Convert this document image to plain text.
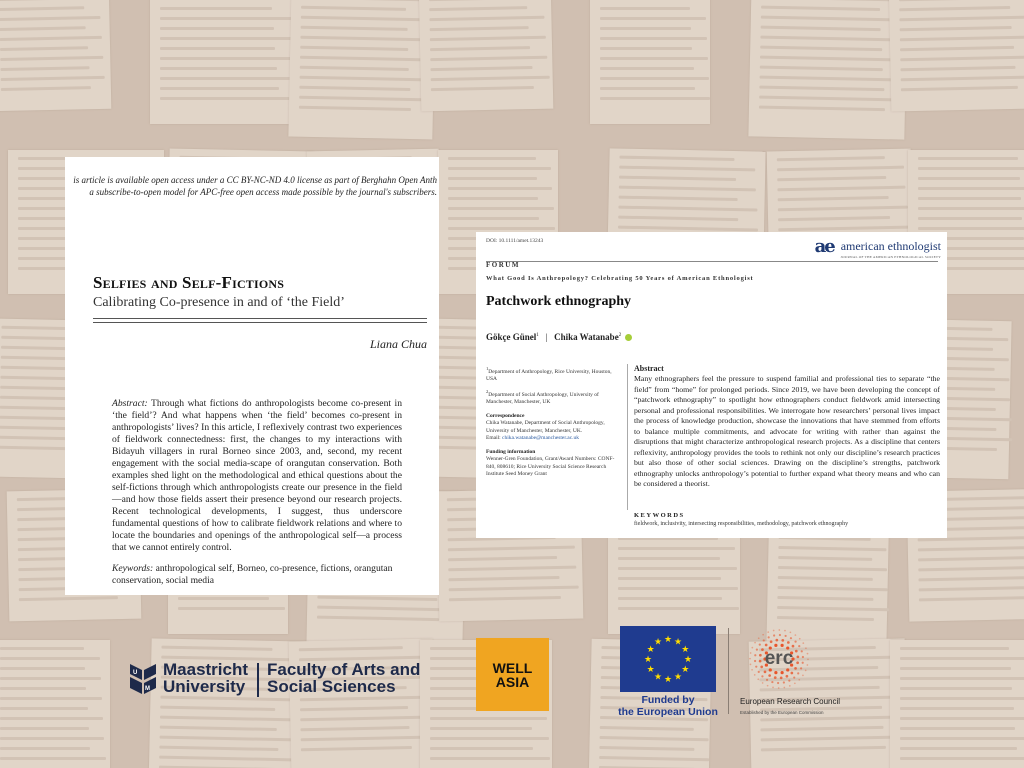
is article is available open access under a CC BY-NC-ND 4.0 license as part of Berghahn Open Anth
a subscribe-to-open model for APC-free open access made possible by the journal's subscribers.
Selfies and Self-Fictions
Calibrating Co-presence in and of ‘the Field’
Liana Chua
Abstract: Through what fictions do anthropologists become co-present in ‘the field’? And what happens when ‘the field’ becomes co-present in anthropologists’ lives? In this article, I reflexively contrast two experiences of fieldwork connectedness: first, the changes to my interactions with Bidayuh villagers in rural Borneo since 2003, and, second, my recent engagement with the social media-scape of orangutan conservation. Both examples shed light on the methodological and ethical questions about the self-fictions through which anthropologists create our presence in the field—and how those fields assert their presence beyond our research projects. Recent technological developments, I suggest, thus underscore fundamental questions of how to calibrate fieldwork relations and where to locate the boundaries and openings of the anthropological self—a process that we cannot entirely control.
Keywords: anthropological self, Borneo, co-presence, fictions, orangutan conservation, social media
DOI: 10.1111/amet.13243	ae american ethnologist
JOURNAL OF THE AMERICAN ETHNOLOGICAL SOCIETY
FORUM
What Good Is Anthropology? Celebrating 50 Years of American Ethnologist
Patchwork ethnography
Gökçe Günel$^1$ | Chika Watanabe$^2$
$^1$Department of Anthropology, Rice University, Houston, USA
$^2$Department of Social Anthropology, University of Manchester, Manchester, UK
Correspondence
Chika Watanabe, Department of Social Anthropology, University of Manchester, Manchester, UK.
Email: chika.watanabe@manchester.ac.uk
Funding information
Wenner-Gren Foundation, Grant/Award Numbers: CONF-840, 808610; Rice University Social Science Research Institute Seed Money Grant
Abstract
Many ethnographers feel the pressure to suspend familial and professional ties to separate “the field” from “home” for prolonged periods. Since 2019, we have been developing the concept of “patchwork ethnography” to spotlight how ethnographers conduct fieldwork amid intersecting personal and professional responsibilities. We interrogate how researchers’ personal lives impact the process of knowledge production, showcase the innovations that have stemmed from efforts to balance multiple commitments, and advocate for writing with rather than against the disruptions that might characterize anthropological research projects. As a discipline that centers reflexivity, anthropology provides the tools to rethink not only our discipline’s research practices but also those of other social sciences. Drawing on the discipline’s strengths, patchwork ethnography unlocks anthropology’s potential to further expand what theory means and who can be considered a theorist.
KEYWORDS
fieldwork, inclusivity, intersecting responsibilities, methodology, patchwork ethnography
U
M
Maastricht
University
Faculty of Arts and
Social Sciences
WELL
ASIA
★ ★
★
★
★
★
★
★
★
★
★
★
Funded by
the European Union
erc
European Research Council
Established by the European Commission
